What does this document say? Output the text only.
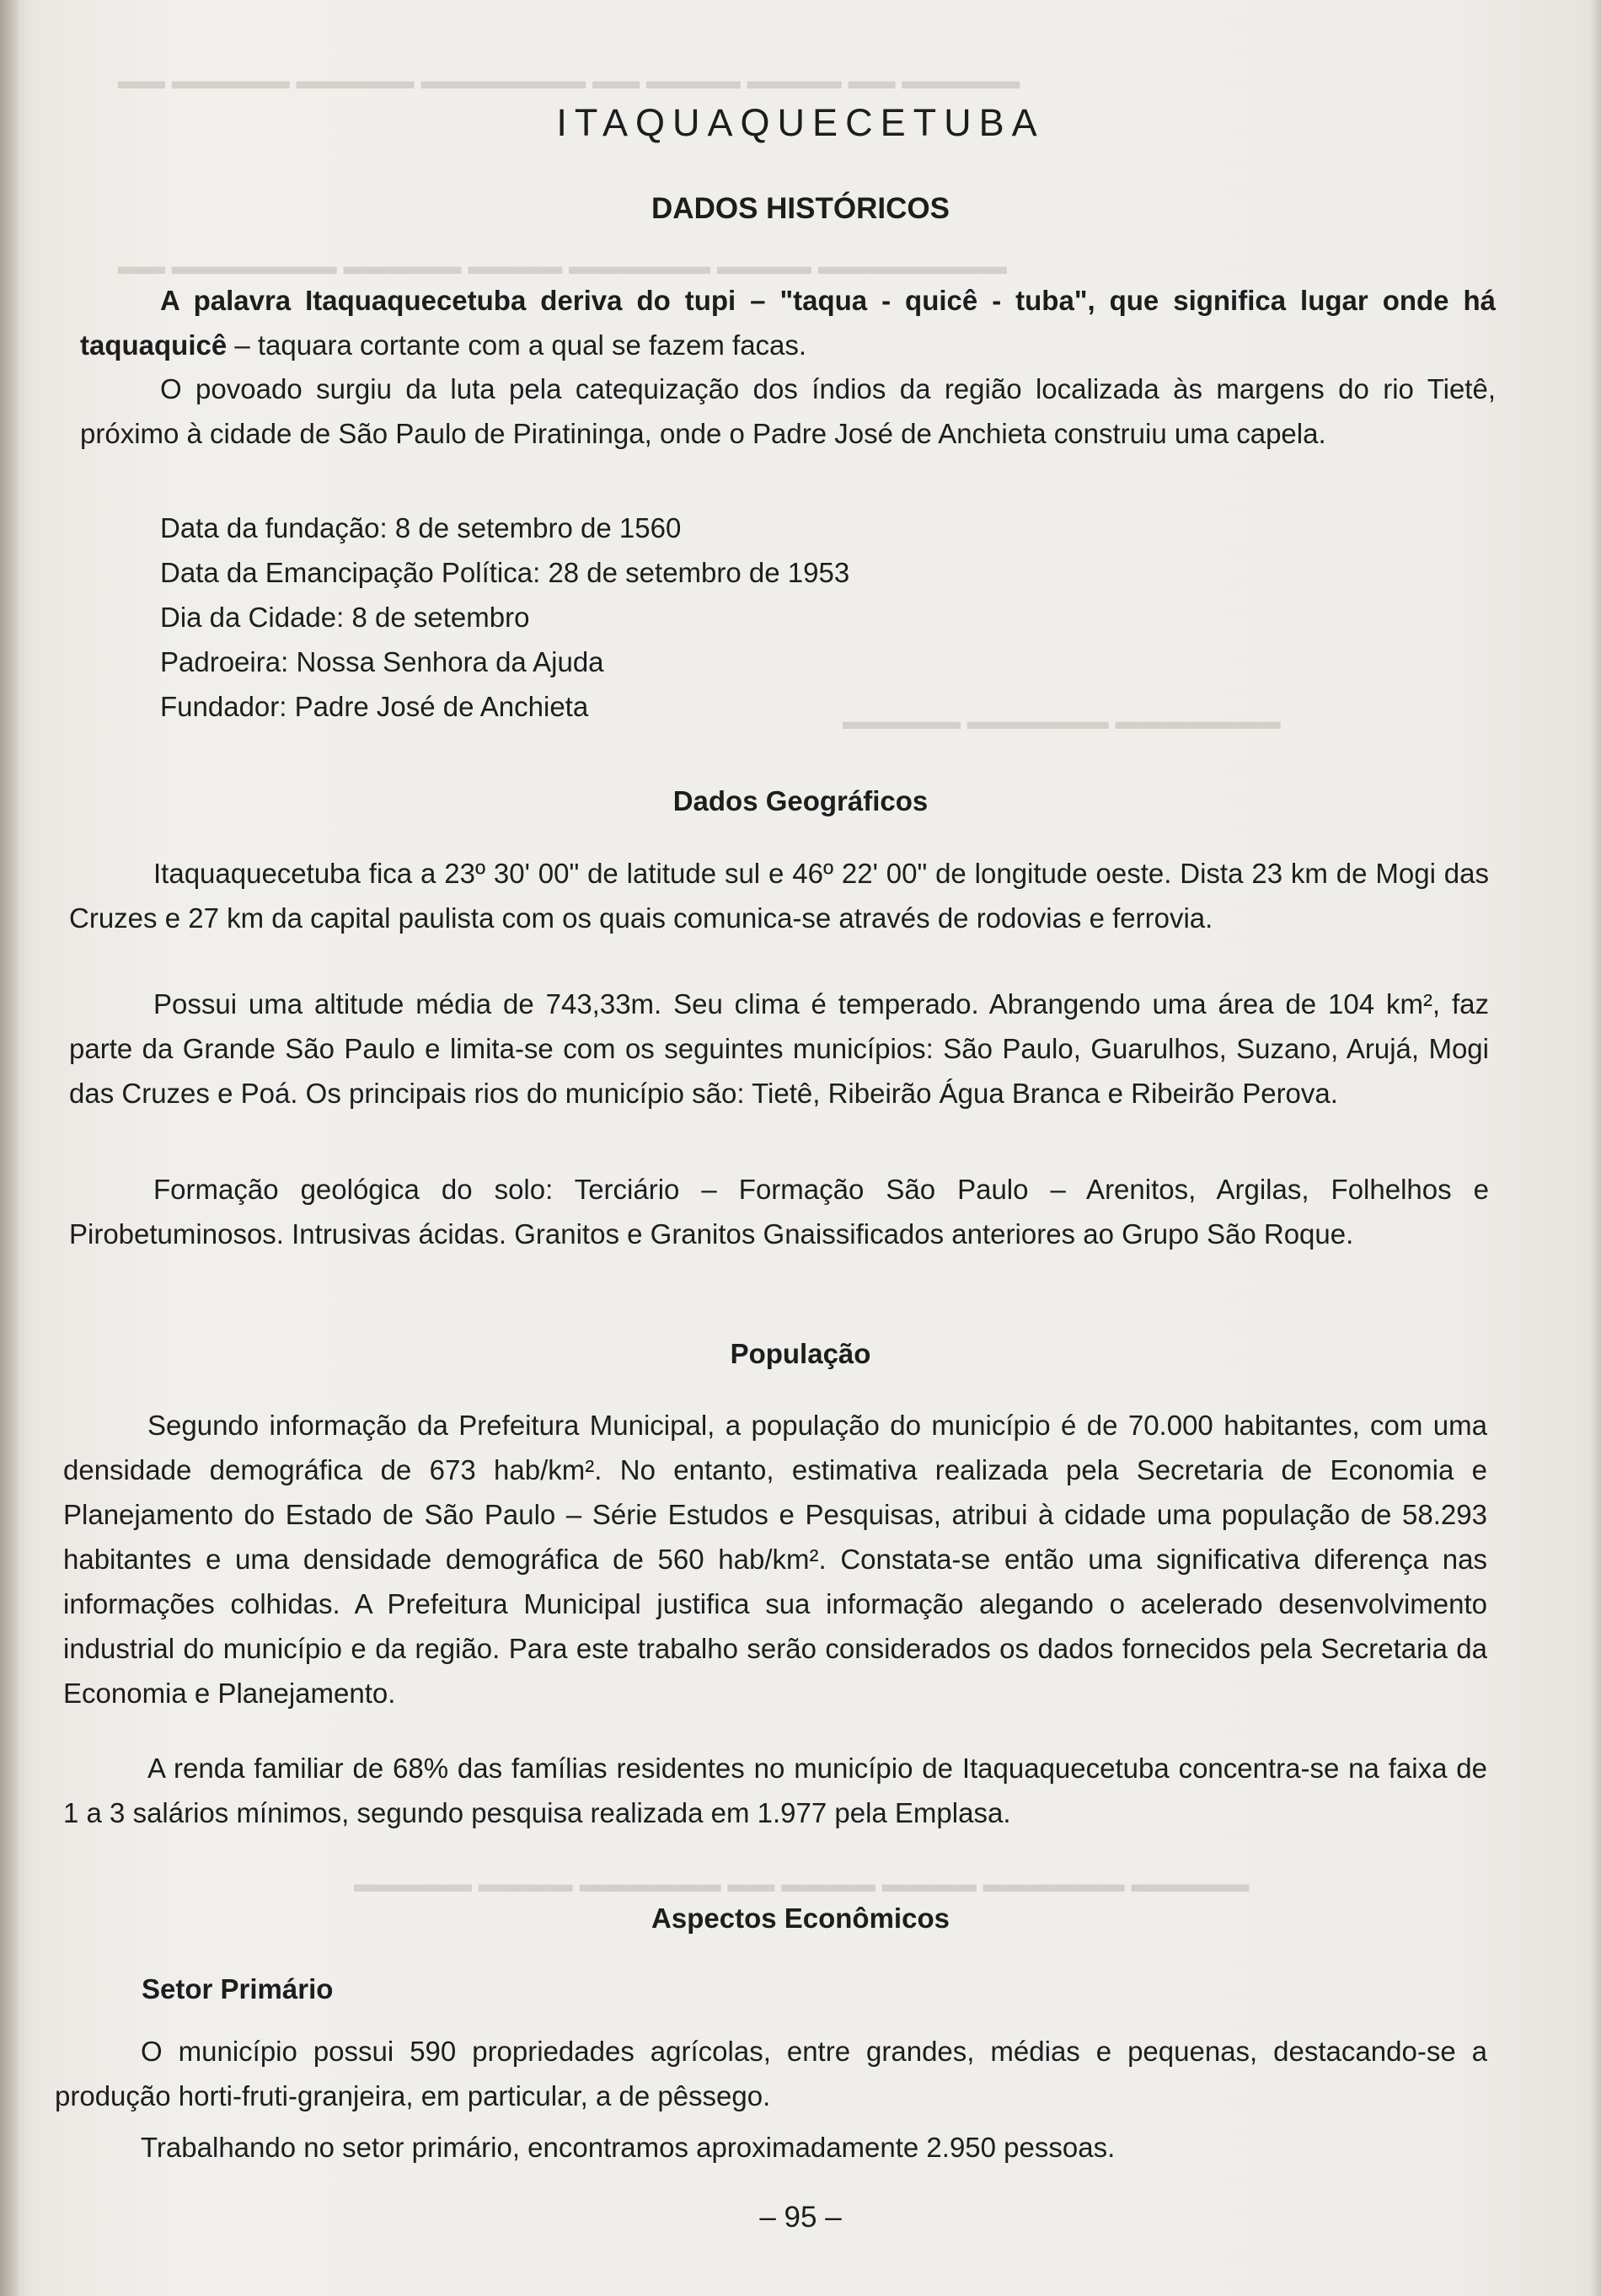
▬▬▬▬▬ ▬▬ ▬▬▬▬ ▬▬▬▬ ▬▬ ▬▬▬▬▬▬▬ ▬▬▬▬▬ ▬▬▬▬▬ ▬▬
▬▬▬▬▬▬▬▬ ▬▬▬▬ ▬▬▬▬▬▬ ▬▬▬▬ ▬▬▬▬▬ ▬▬▬▬▬▬▬ ▬▬
▬▬▬▬▬▬▬ ▬▬▬▬▬▬ ▬▬▬▬▬
▬▬▬▬▬ ▬▬▬▬▬▬ ▬▬▬▬ ▬▬▬▬ ▬▬ ▬▬▬▬▬▬ ▬▬▬▬ ▬▬▬▬▬
ITAQUAQUECETUBA
DADOS HISTÓRICOS

A palavra Itaquaquecetuba deriva do tupi – "taqua - quicê - tuba", que significa lugar onde há taquaquicê – taquara cortante com a qual se fazem facas.

O povoado surgiu da luta pela catequização dos índios da região localizada às margens do rio Tietê, próximo à cidade de São Paulo de Piratininga, onde o Padre José de Anchieta construiu uma capela.

Data da fundação: 8 de setembro de 1560
Data da Emancipação Política: 28 de setembro de 1953
Dia da Cidade: 8 de setembro
Padroeira: Nossa Senhora da Ajuda
Fundador: Padre José de Anchieta
Dados Geográficos

Itaquaquecetuba fica a 23º 30' 00" de latitude sul e 46º 22' 00" de longitude oeste. Dista 23 km de Mogi das Cruzes e 27 km da capital paulista com os quais comunica-se através de rodovias e ferrovia.

Possui uma altitude média de 743,33m. Seu clima é temperado. Abrangendo uma área de 104 km², faz parte da Grande São Paulo e limita-se com os seguintes municípios: São Paulo, Guarulhos, Suzano, Arujá, Mogi das Cruzes e Poá. Os principais rios do município são: Tietê, Ribeirão Água Branca e Ribeirão Perova.

Formação geológica do solo: Terciário – Formação São Paulo – Arenitos, Argilas, Folhelhos e Pirobetuminosos. Intrusivas ácidas. Granitos e Granitos Gnaissificados anteriores ao Grupo São Roque.

População

Segundo informação da Prefeitura Municipal, a população do município é de 70.000 habitantes, com uma densidade demográfica de 673 hab/km². No entanto, estimativa realizada pela Secretaria de Economia e Planejamento do Estado de São Paulo – Série Estudos e Pesquisas, atribui à cidade uma população de 58.293 habitantes e uma densidade demográfica de 560 hab/km². Constata-se então uma significativa diferença nas informações colhidas. A Prefeitura Municipal justifica sua informação alegando o acelerado desenvolvimento industrial do município e da região. Para este trabalho serão considerados os dados fornecidos pela Secretaria da Economia e Planejamento.

A renda familiar de 68% das famílias residentes no município de Itaquaquecetuba concentra-se na faixa de 1 a 3 salários mínimos, segundo pesquisa realizada em 1.977 pela Emplasa.

Aspectos Econômicos
Setor Primário

O município possui 590 propriedades agrícolas, entre grandes, médias e pequenas, destacando-se a produção horti-fruti-granjeira, em particular, a de pêssego.

Trabalhando no setor primário, encontramos aproximadamente 2.950 pessoas.

– 95 –
